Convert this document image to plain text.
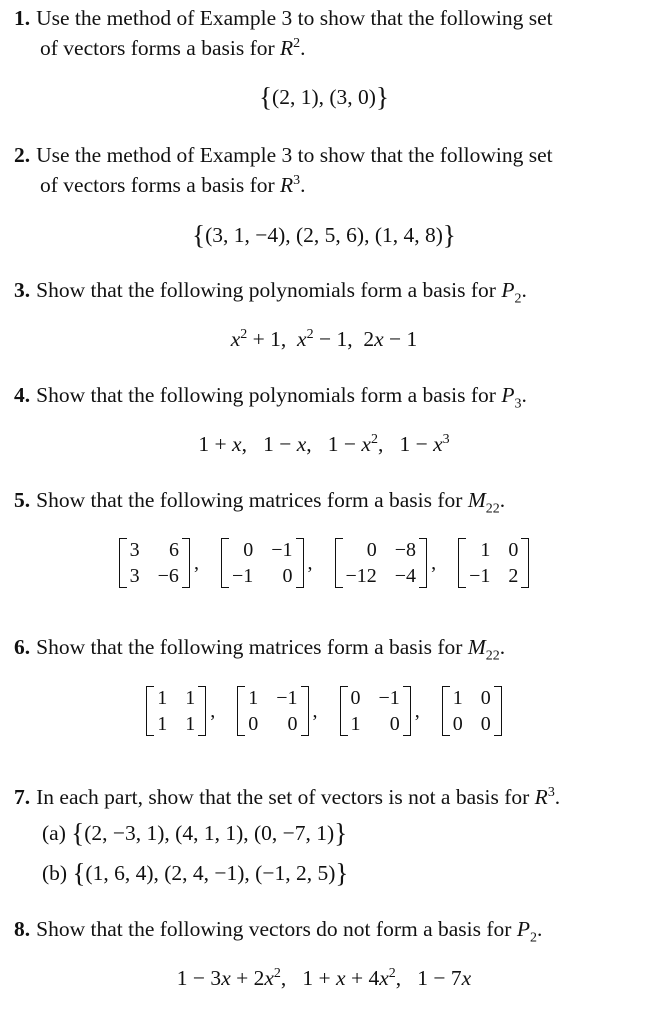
1. Use the method of Example 3 to show that the following set
of vectors forms a basis for $R^2$.
{(2, 1), (3, 0)}
2. Use the method of Example 3 to show that the following set
of vectors forms a basis for $R^3$.
{(3, 1, −4), (2, 5, 6), (1, 4, 8)}
3. Show that the following polynomials form a basis for $P_2$.
$x^2 + 1$, $x^2 - 1$, 2x − 1
4. Show that the following polynomials form a basis for $P_3$.
1 + x, 1 − x, $1 - x^2$, $1 - x^3$
5. Show that the following matrices form a basis for $M_{22}$.
3	6
3 −6
,
0 −1
−1	0
,
0 −8
−12 −4
,
1 0
−1 2
6. Show that the following matrices form a basis for $M_{22}$.
1 1
1 1
,
1 −1
0	0
,
0 −1
1	0
,
1 0
0 0
7. In each part, show that the set of vectors is not a basis for $R^3$.
(a) {(2, −3, 1), (4, 1, 1), (0, −7, 1)}
(b) {(1, 6, 4), (2, 4, −1), (−1, 2, 5)}
8. Show that the following vectors do not form a basis for $P_2$.
$1 - 3x + 2x^2$, $1 + x + 4x^2$, 1 − 7x
